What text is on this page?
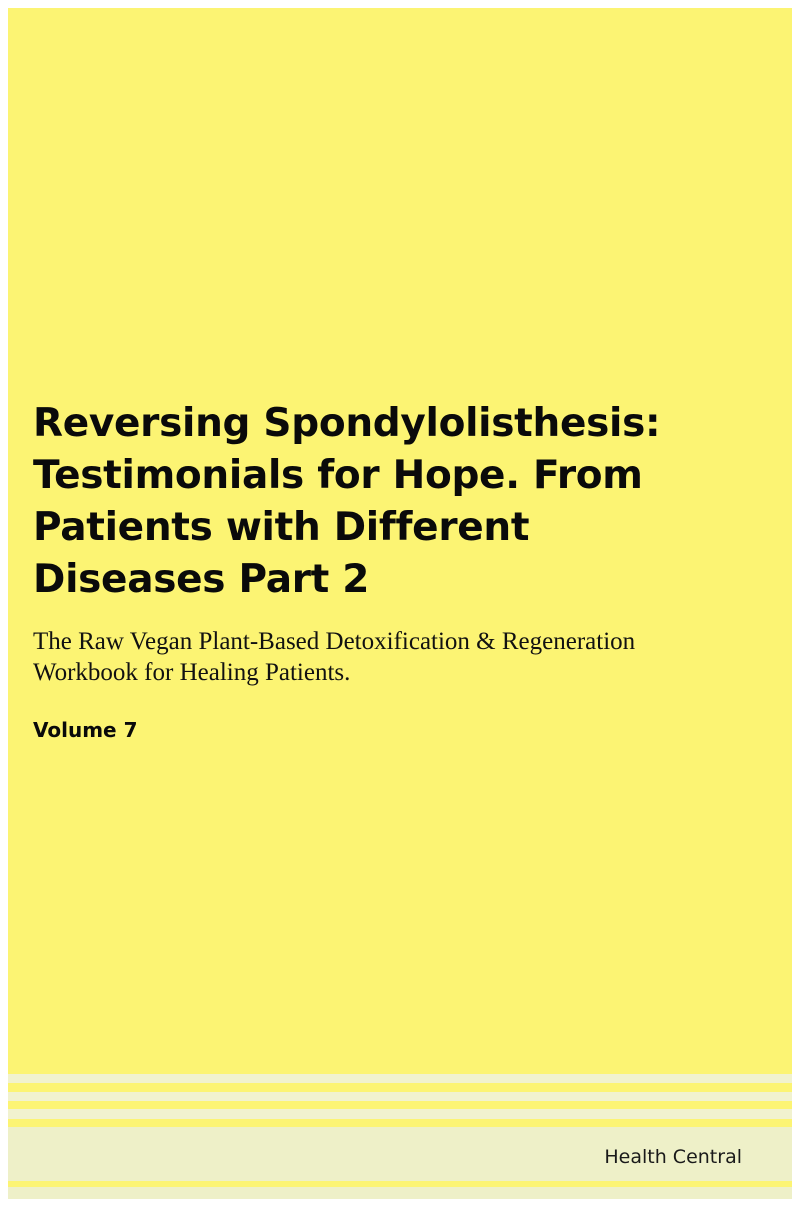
Reversing Spondylolisthesis: Testimonials for Hope. From Patients with Different Diseases Part 2

The Raw Vegan Plant-Based Detoxification & Regeneration Workbook for Healing Patients.

Volume 7

Health Central
